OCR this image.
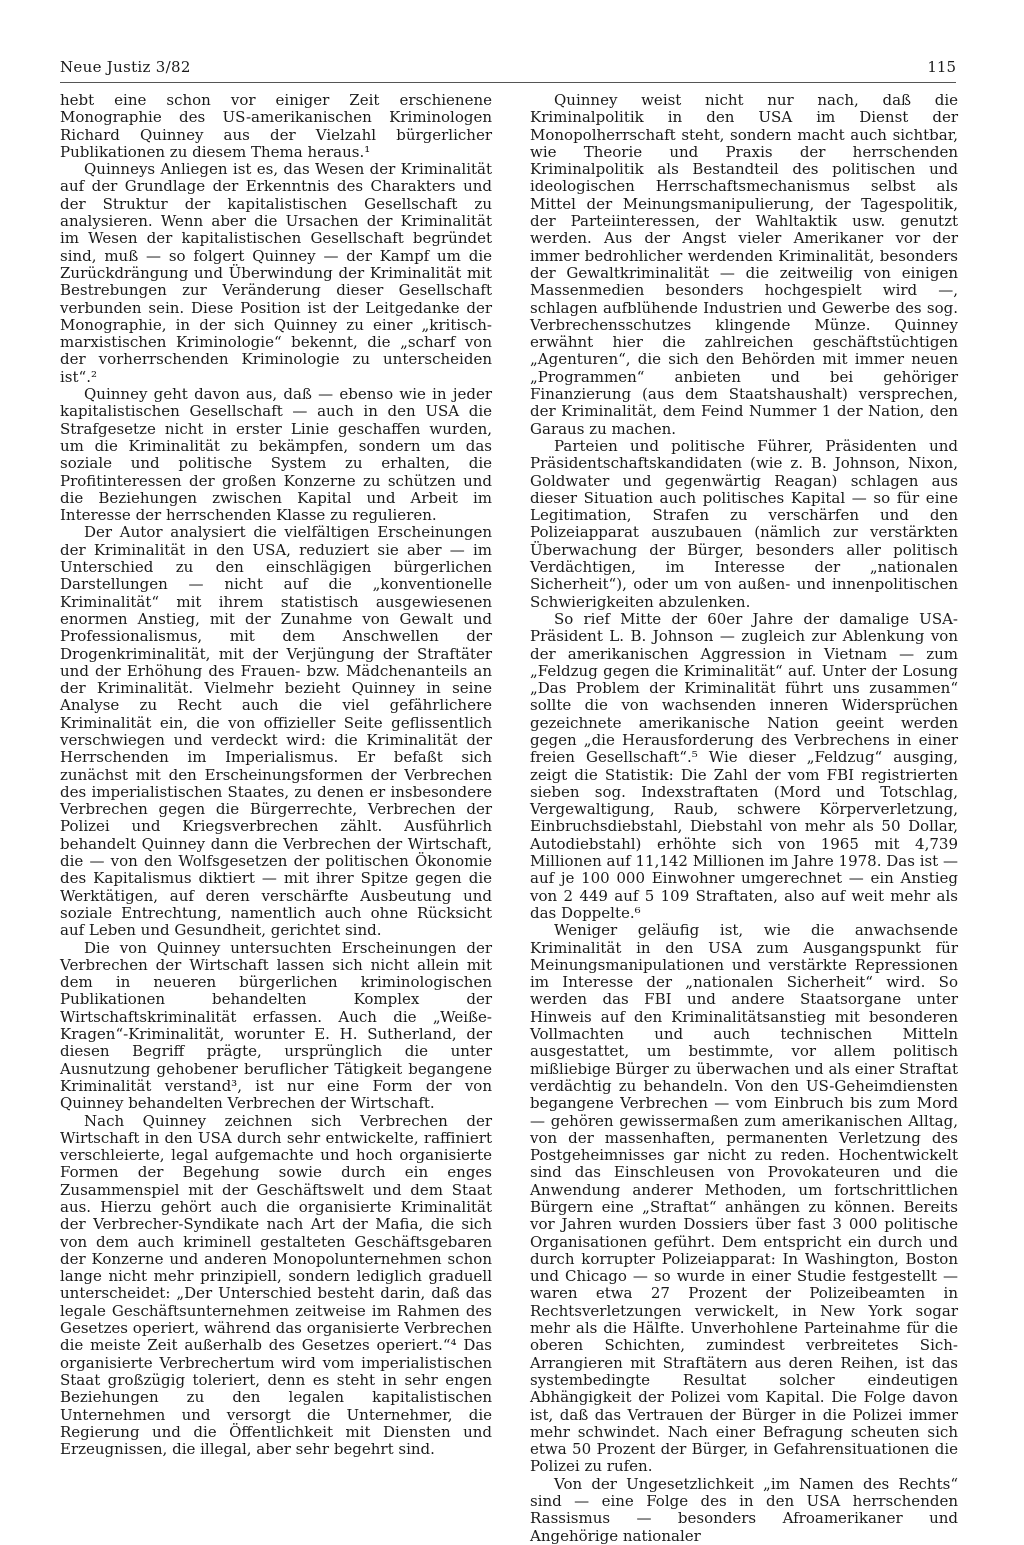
Neue Justiz 3/82	115

hebt eine schon vor einiger Zeit erschienene Monographie des US-amerikanischen Kriminologen Richard Quinney aus der Vielzahl bürgerlicher Publikationen zu diesem Thema heraus.¹

Quinneys Anliegen ist es, das Wesen der Kriminalität auf der Grundlage der Erkenntnis des Charakters und der Struktur der kapitalistischen Gesellschaft zu analysieren. Wenn aber die Ursachen der Kriminalität im Wesen der kapitalistischen Gesellschaft begründet sind, muß — so folgert Quinney — der Kampf um die Zurückdrängung und Überwindung der Kriminalität mit Bestrebungen zur Veränderung dieser Gesellschaft verbunden sein. Diese Position ist der Leitgedanke der Monographie, in der sich Quinney zu einer „kritisch-marxistischen Kriminologie“ bekennt, die „scharf von der vorherrschenden Kriminologie zu unterscheiden ist“.²

Quinney geht davon aus, daß — ebenso wie in jeder kapitalistischen Gesellschaft — auch in den USA die Strafgesetze nicht in erster Linie geschaffen wurden, um die Kriminalität zu bekämpfen, sondern um das soziale und politische System zu erhalten, die Profitinteressen der großen Konzerne zu schützen und die Beziehungen zwischen Kapital und Arbeit im Interesse der herrschenden Klasse zu regulieren.

Der Autor analysiert die vielfältigen Erscheinungen der Kriminalität in den USA, reduziert sie aber — im Unterschied zu den einschlägigen bürgerlichen Darstellungen — nicht auf die „konventionelle Kriminalität“ mit ihrem statistisch ausgewiesenen enormen Anstieg, mit der Zunahme von Gewalt und Professionalismus, mit dem Anschwellen der Drogenkriminalität, mit der Verjüngung der Straftäter und der Erhöhung des Frauen- bzw. Mädchenanteils an der Kriminalität. Vielmehr bezieht Quinney in seine Analyse zu Recht auch die viel gefährlichere Kriminalität ein, die von offizieller Seite geflissentlich verschwiegen und verdeckt wird: die Kriminalität der Herrschenden im Imperialismus. Er befaßt sich zunächst mit den Erscheinungsformen der Verbrechen des imperialistischen Staates, zu denen er insbesondere Verbrechen gegen die Bürgerrechte, Verbrechen der Polizei und Kriegsverbrechen zählt. Ausführlich behandelt Quinney dann die Verbrechen der Wirtschaft, die — von den Wolfsgesetzen der politischen Ökonomie des Kapitalismus diktiert — mit ihrer Spitze gegen die Werktätigen, auf deren verschärfte Ausbeutung und soziale Entrechtung, namentlich auch ohne Rücksicht auf Leben und Gesundheit, gerichtet sind.

Die von Quinney untersuchten Erscheinungen der Verbrechen der Wirtschaft lassen sich nicht allein mit dem in neueren bürgerlichen kriminologischen Publikationen behandelten Komplex der Wirtschaftskriminalität erfassen. Auch die „Weiße-Kragen“-Kriminalität, worunter E. H. Sutherland, der diesen Begriff prägte, ursprünglich die unter Ausnutzung gehobener beruflicher Tätigkeit begangene Kriminalität verstand³, ist nur eine Form der von Quinney behandelten Verbrechen der Wirtschaft.

Nach Quinney zeichnen sich Verbrechen der Wirtschaft in den USA durch sehr entwickelte, raffiniert verschleierte, legal aufgemachte und hoch organisierte Formen der Begehung sowie durch ein enges Zusammenspiel mit der Geschäftswelt und dem Staat aus. Hierzu gehört auch die organisierte Kriminalität der Verbrecher-Syndikate nach Art der Mafia, die sich von dem auch kriminell gestalteten Geschäftsgebaren der Konzerne und anderen Monopolunternehmen schon lange nicht mehr prinzipiell, sondern lediglich graduell unterscheidet: „Der Unterschied besteht darin, daß das legale Geschäftsunternehmen zeitweise im Rahmen des Gesetzes operiert, während das organisierte Verbrechen die meiste Zeit außerhalb des Gesetzes operiert.“⁴ Das organisierte Verbrechertum wird vom imperialistischen Staat großzügig toleriert, denn es steht in sehr engen Beziehungen zu den legalen kapitalistischen Unternehmen und versorgt die Unternehmer, die Regierung und die Öffentlichkeit mit Diensten und Erzeugnissen, die illegal, aber sehr begehrt sind.

Quinney weist nicht nur nach, daß die Kriminalpolitik in den USA im Dienst der Monopolherrschaft steht, sondern macht auch sichtbar, wie Theorie und Praxis der herrschenden Kriminalpolitik als Bestandteil des politischen und ideologischen Herrschaftsmechanismus selbst als Mittel der Meinungsmanipulierung, der Tagespolitik, der Parteiinteressen, der Wahltaktik usw. genutzt werden. Aus der Angst vieler Amerikaner vor der immer bedrohlicher werdenden Kriminalität, besonders der Gewaltkriminalität — die zeitweilig von einigen Massenmedien besonders hochgespielt wird —, schlagen aufblühende Industrien und Gewerbe des sog. Verbrechensschutzes klingende Münze. Quinney erwähnt hier die zahlreichen geschäftstüchtigen „Agenturen“, die sich den Behörden mit immer neuen „Programmen“ anbieten und bei gehöriger Finanzierung (aus dem Staatshaushalt) versprechen, der Kriminalität, dem Feind Nummer 1 der Nation, den Garaus zu machen.

Parteien und politische Führer, Präsidenten und Präsidentschaftskandidaten (wie z. B. Johnson, Nixon, Goldwater und gegenwärtig Reagan) schlagen aus dieser Situation auch politisches Kapital — so für eine Legitimation, Strafen zu verschärfen und den Polizeiapparat auszubauen (nämlich zur verstärkten Überwachung der Bürger, besonders aller politisch Verdächtigen, im Interesse der „nationalen Sicherheit“), oder um von außen- und innenpolitischen Schwierigkeiten abzulenken.

So rief Mitte der 60er Jahre der damalige USA-Präsident L. B. Johnson — zugleich zur Ablenkung von der amerikanischen Aggression in Vietnam — zum „Feldzug gegen die Kriminalität“ auf. Unter der Losung „Das Problem der Kriminalität führt uns zusammen“ sollte die von wachsenden inneren Widersprüchen gezeichnete amerikanische Nation geeint werden gegen „die Herausforderung des Verbrechens in einer freien Gesellschaft“.⁵ Wie dieser „Feldzug“ ausging, zeigt die Statistik: Die Zahl der vom FBI registrierten sieben sog. Indexstraftaten (Mord und Totschlag, Vergewaltigung, Raub, schwere Körperverletzung, Einbruchsdiebstahl, Diebstahl von mehr als 50 Dollar, Autodiebstahl) erhöhte sich von 1965 mit 4,739 Millionen auf 11,142 Millionen im Jahre 1978. Das ist — auf je 100 000 Einwohner umgerechnet — ein Anstieg von 2 449 auf 5 109 Straftaten, also auf weit mehr als das Doppelte.⁶

Weniger geläufig ist, wie die anwachsende Kriminalität in den USA zum Ausgangspunkt für Meinungsmanipulationen und verstärkte Repressionen im Interesse der „nationalen Sicherheit“ wird. So werden das FBI und andere Staatsorgane unter Hinweis auf den Kriminalitätsanstieg mit besonderen Vollmachten und auch technischen Mitteln ausgestattet, um bestimmte, vor allem politisch mißliebige Bürger zu überwachen und als einer Straftat verdächtig zu behandeln. Von den US-Geheimdiensten begangene Verbrechen — vom Einbruch bis zum Mord — gehören gewissermaßen zum amerikanischen Alltag, von der massenhaften, permanenten Verletzung des Postgeheimnisses gar nicht zu reden. Hochentwickelt sind das Einschleusen von Provokateuren und die Anwendung anderer Methoden, um fortschrittlichen Bürgern eine „Straftat“ anhängen zu können. Bereits vor Jahren wurden Dossiers über fast 3 000 politische Organisationen geführt. Dem entspricht ein durch und durch korrupter Polizeiapparat: In Washington, Boston und Chicago — so wurde in einer Studie festgestellt — waren etwa 27 Prozent der Polizeibeamten in Rechtsverletzungen verwickelt, in New York sogar mehr als die Hälfte. Unverhohlene Parteinahme für die oberen Schichten, zumindest verbreitetes Sich-Arrangieren mit Straftätern aus deren Reihen, ist das systembedingte Resultat solcher eindeutigen Abhängigkeit der Polizei vom Kapital. Die Folge davon ist, daß das Vertrauen der Bürger in die Polizei immer mehr schwindet. Nach einer Befragung scheuten sich etwa 50 Prozent der Bürger, in Gefahrensituationen die Polizei zu rufen.

Von der Ungesetzlichkeit „im Namen des Rechts“ sind — eine Folge des in den USA herrschenden Rassismus — besonders Afroamerikaner und Angehörige nationaler
